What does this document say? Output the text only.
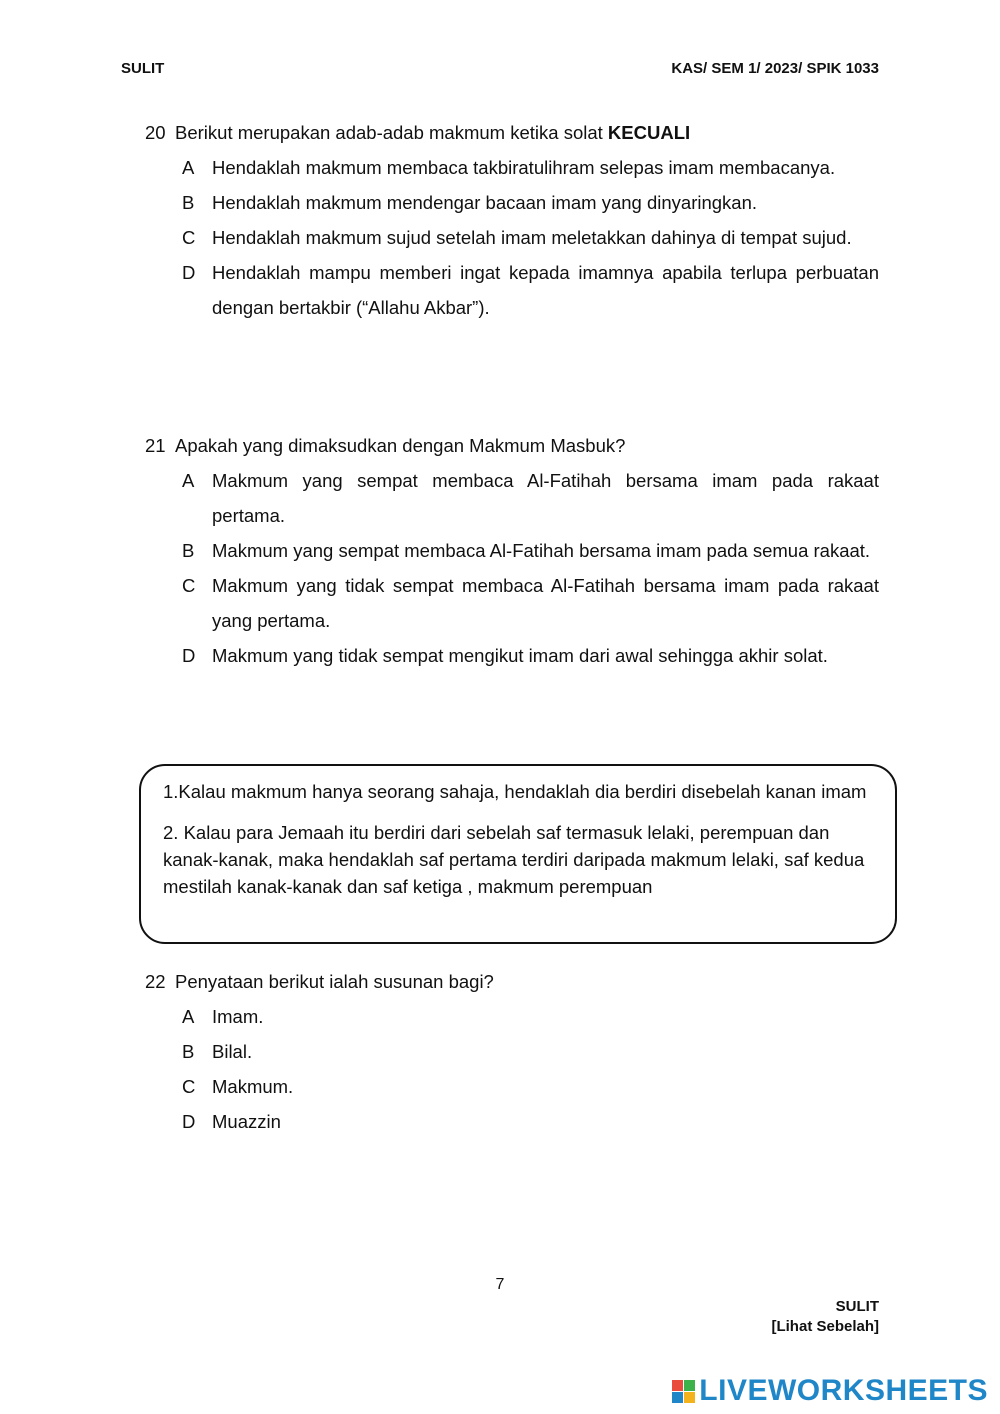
SULIT	KAS/ SEM 1/ 2023/ SPIK 1033
20 Berikut merupakan adab-adab makmum ketika solat KECUALI
A Hendaklah makmum membaca takbiratulihram selepas imam membacanya.
B Hendaklah makmum mendengar bacaan imam yang dinyaringkan.
C Hendaklah makmum sujud setelah imam meletakkan dahinya di tempat sujud.
D Hendaklah mampu memberi ingat kepada imamnya apabila terlupa perbuatan dengan bertakbir (“Allahu Akbar”).
21 Apakah yang dimaksudkan dengan Makmum Masbuk?
A Makmum yang sempat membaca Al-Fatihah bersama imam pada rakaat pertama.
B Makmum yang sempat membaca Al-Fatihah bersama imam pada semua rakaat.
C Makmum yang tidak sempat membaca Al-Fatihah bersama imam pada rakaat yang pertama.
D Makmum yang tidak sempat mengikut imam dari awal sehingga akhir solat.

1.Kalau makmum hanya seorang sahaja, hendaklah dia berdiri disebelah kanan imam

2. Kalau para Jemaah itu berdiri dari sebelah saf termasuk lelaki, perempuan dan kanak-kanak, maka hendaklah saf pertama terdiri daripada makmum lelaki, saf kedua mestilah kanak-kanak dan saf ketiga , makmum perempuan

22 Penyataan berikut ialah susunan bagi?
A Imam.
B Bilal.
C Makmum.
D Muazzin
7
SULIT
[Lihat Sebelah]
LIVEWORKSHEETS
